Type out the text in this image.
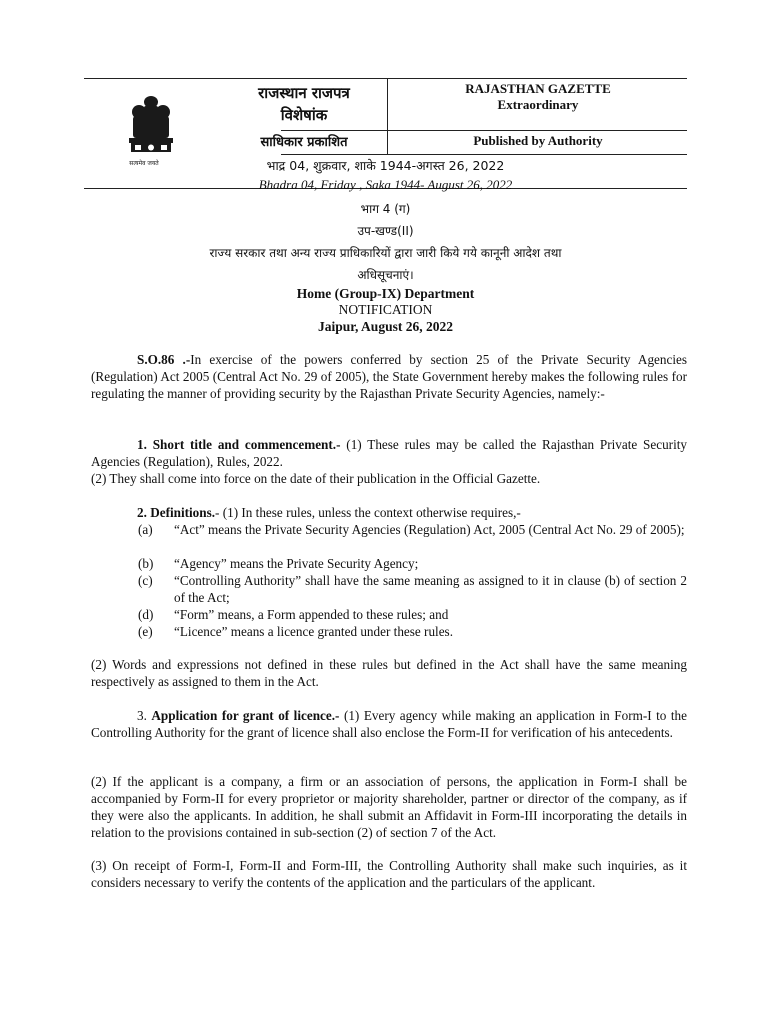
सत्यमेव जयते
राजस्थान राजपत्र
विशेषांक
साधिकार प्रकाशित
RAJASTHAN GAZETTE
Extraordinary
Published by Authority
भाद्र 04, शुक्रवार, शाके 1944-अगस्त 26, 2022
Bhadra 04, Friday , Saka 1944- August 26, 2022
भाग 4 (ग)
उप-खण्ड(II)
राज्य सरकार तथा अन्य राज्य प्राधिकारियों द्वारा जारी किये गये कानूनी आदेश तथा
अधिसूचनाएं।
Home (Group-IX) Department
NOTIFICATION
Jaipur, August 26, 2022
S.O.86 .-In exercise of the powers conferred by section 25 of the Private Security Agencies (Regulation) Act 2005 (Central Act No. 29 of 2005), the State Government hereby makes the following rules for regulating the manner of providing security by the Rajasthan Private Security Agencies, namely:-
1. Short title and commencement.- (1) These rules may be called the Rajasthan Private Security Agencies (Regulation), Rules, 2022.
(2) They shall come into force on the date of their publication in the Official Gazette.
2. Definitions.- (1) In these rules, unless the context otherwise requires,-
(a)	“Act” means the Private Security Agencies (Regulation) Act, 2005 (Central Act No. 29 of 2005);
(b)	“Agency” means the Private Security Agency;
(c)	“Controlling Authority” shall have the same meaning as assigned to it in clause (b) of section 2 of the Act;
(d)	“Form” means, a Form appended to these rules; and
(e)	“Licence” means a licence granted under these rules.
(2) Words and expressions not defined in these rules but defined in the Act shall have the same meaning respectively as assigned to them in the Act.
3. Application for grant of licence.- (1) Every agency while making an application in Form-I to the Controlling Authority for the grant of licence shall also enclose the Form-II for verification of his antecedents.
(2) If the applicant is a company, a firm or an association of persons, the application in Form-I shall be accompanied by Form-II for every proprietor or majority shareholder, partner or director of the company, as if they were also the applicants. In addition, he shall submit an Affidavit in Form-III incorporating the details in relation to the provisions contained in sub-section (2) of section 7 of the Act.
(3) On receipt of Form-I, Form-II and Form-III, the Controlling Authority shall make such inquiries, as it considers necessary to verify the contents of the application and the particulars of the applicant.
